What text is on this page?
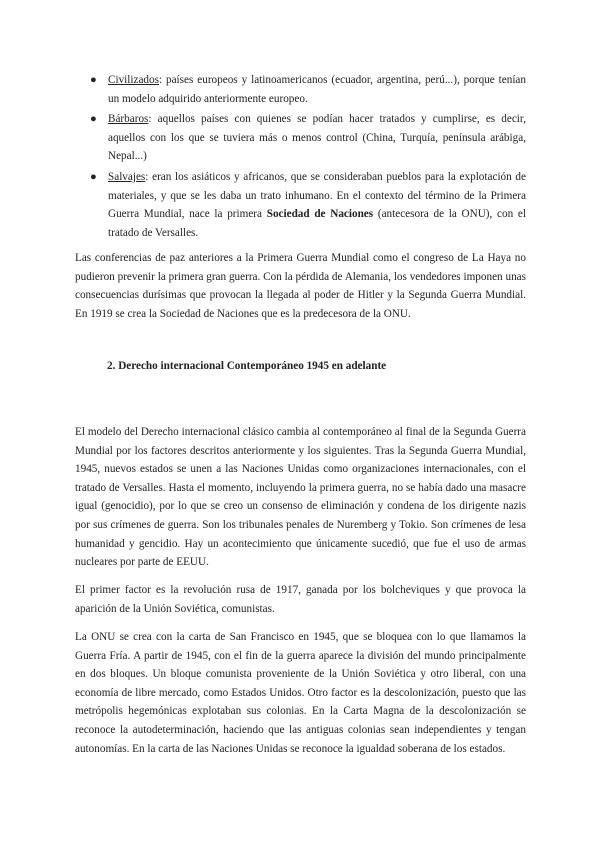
● Civilizados: países europeos y latinoamericanos (ecuador, argentina, perú...), porque tenían un modelo adquirido anteriormente europeo.
● Bárbaros: aquellos países con quienes se podían hacer tratados y cumplirse, es decir, aquellos con los que se tuviera más o menos control (China, Turquía, península arábiga, Nepal...)
● Salvajes: eran los asiáticos y africanos, que se consideraban pueblos para la explotación de materiales, y que se les daba un trato inhumano. En el contexto del término de la Primera Guerra Mundial, nace la primera Sociedad de Naciones (antecesora de la ONU), con el tratado de Versalles.

Las conferencias de paz anteriores a la Primera Guerra Mundial como el congreso de La Haya no pudieron prevenir la primera gran guerra. Con la pérdida de Alemania, los vendedores imponen unas consecuencias durísimas que provocan la llegada al poder de Hitler y la Segunda Guerra Mundial. En 1919 se crea la Sociedad de Naciones que es la predecesora de la ONU.

2. Derecho internacional Contemporáneo 1945 en adelante

El modelo del Derecho internacional clásico cambia al contemporáneo al final de la Segunda Guerra Mundial por los factores descritos anteriormente y los siguientes. Tras la Segunda Guerra Mundial, 1945, nuevos estados se unen a las Naciones Unidas como organizaciones internacionales, con el tratado de Versalles. Hasta el momento, incluyendo la primera guerra, no se había dado una masacre igual (genocidio), por lo que se creo un consenso de eliminación y condena de los dirigente nazis por sus crímenes de guerra. Son los tribunales penales de Nuremberg y Tokio. Son crímenes de lesa humanidad y gencidio. Hay un acontecimiento que únicamente sucedió, que fue el uso de armas nucleares por parte de EEUU.

El primer factor es la revolución rusa de 1917, ganada por los bolcheviques y que provoca la aparición de la Unión Soviética, comunistas.

La ONU se crea con la carta de San Francisco en 1945, que se bloquea con lo que llamamos la Guerra Fría. A partir de 1945, con el fin de la guerra aparece la división del mundo principalmente en dos bloques. Un bloque comunista proveniente de la Unión Soviética y otro liberal, con una economía de libre mercado, como Estados Unidos. Otro factor es la descolonización, puesto que las metrópolis hegemónicas explotaban sus colonias. En la Carta Magna de la descolonización se reconoce la autodeterminación, haciendo que las antiguas colonias sean independientes y tengan autonomías. En la carta de las Naciones Unidas se reconoce la igualdad soberana de los estados.
